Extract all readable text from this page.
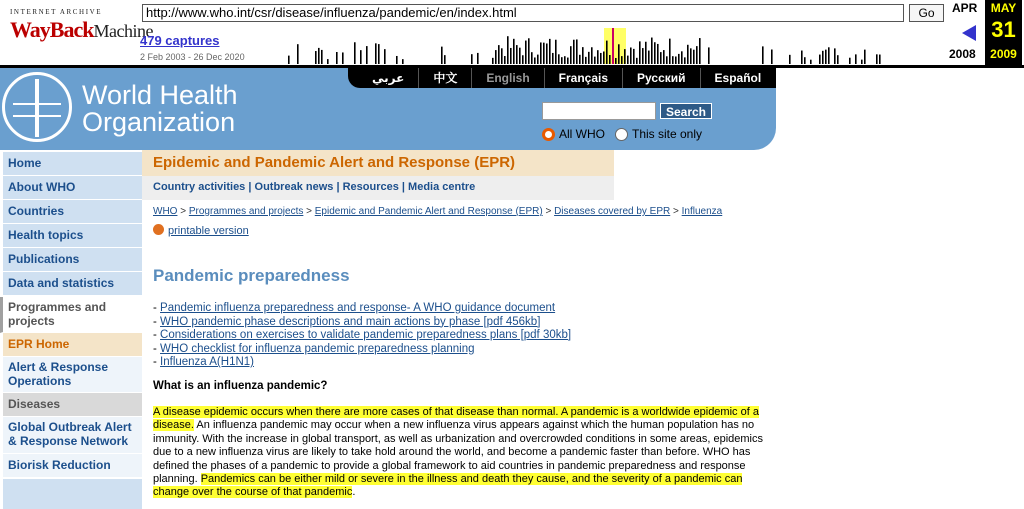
INTERNET ARCHIVE
WayBackMachine
http://www.who.int/csr/disease/influenza/pandemic/en/index.html	Go
479 captures
2 Feb 2003 - 26 Dec 2020
APR
2008
MAY
31
2009
World Health
Organization
عربي	中文	English	Français	Русский	Español
Search
All WHO This site only
Home
About WHO
Countries
Health topics
Publications
Data and statistics
Programmes and projects
EPR Home
Alert & Response Operations
Diseases
Global Outbreak Alert & Response Network
Biorisk Reduction
Epidemic and Pandemic Alert and Response (EPR)
Country activities | Outbreak news | Resources | Media centre
WHO > Programmes and projects > Epidemic and Pandemic Alert and Response (EPR) > Diseases covered by EPR > Influenza
printable version
Pandemic preparedness
- Pandemic influenza preparedness and response- A WHO guidance document
- WHO pandemic phase descriptions and main actions by phase [pdf 456kb]
- Considerations on exercises to validate pandemic preparedness plans [pdf 30kb]
- WHO checklist for influenza pandemic preparedness planning
- Influenza A(H1N1)
What is an influenza pandemic?
A disease epidemic occurs when there are more cases of that disease than normal. A pandemic is a worldwide epidemic of a disease. An influenza pandemic may occur when a new influenza virus appears against which the human population has no immunity. With the increase in global transport, as well as urbanization and overcrowded conditions in some areas, epidemics due to a new influenza virus are likely to take hold around the world, and become a pandemic faster than before. WHO has defined the phases of a pandemic to provide a global framework to aid countries in pandemic preparedness and response planning. Pandemics can be either mild or severe in the illness and death they cause, and the severity of a pandemic can change over the course of that pandemic.
